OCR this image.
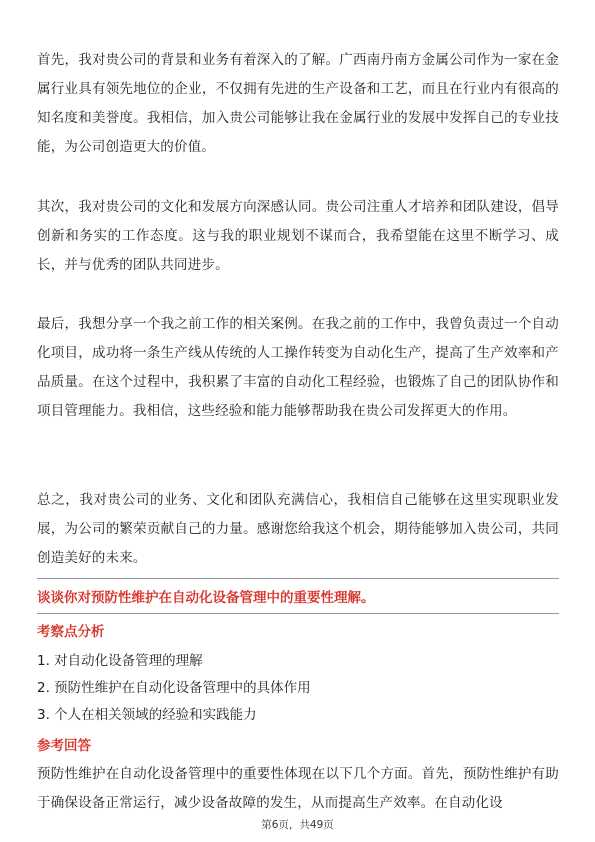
首先，我对贵公司的背景和业务有着深入的了解。广西南丹南方金属公司作为一家在金属行业具有领先地位的企业，不仅拥有先进的生产设备和工艺，而且在行业内有很高的知名度和美誉度。我相信，加入贵公司能够让我在金属行业的发展中发挥自己的专业技能，为公司创造更大的价值。

其次，我对贵公司的文化和发展方向深感认同。贵公司注重人才培养和团队建设，倡导创新和务实的工作态度。这与我的职业规划不谋而合，我希望能在这里不断学习、成长，并与优秀的团队共同进步。

最后，我想分享一个我之前工作的相关案例。在我之前的工作中，我曾负责过一个自动化项目，成功将一条生产线从传统的人工操作转变为自动化生产，提高了生产效率和产品质量。在这个过程中，我积累了丰富的自动化工程经验，也锻炼了自己的团队协作和项目管理能力。我相信，这些经验和能力能够帮助我在贵公司发挥更大的作用。

总之，我对贵公司的业务、文化和团队充满信心，我相信自己能够在这里实现职业发展，为公司的繁荣贡献自己的力量。感谢您给我这个机会，期待能够加入贵公司，共同创造美好的未来。

谈谈你对预防性维护在自动化设备管理中的重要性理解。

考察点分析

1. 对自动化设备管理的理解

2. 预防性维护在自动化设备管理中的具体作用

3. 个人在相关领域的经验和实践能力

参考回答

预防性维护在自动化设备管理中的重要性体现在以下几个方面。首先，预防性维护有助于确保设备正常运行，减少设备故障的发生，从而提高生产效率。在自动化设

第6页，共49页
